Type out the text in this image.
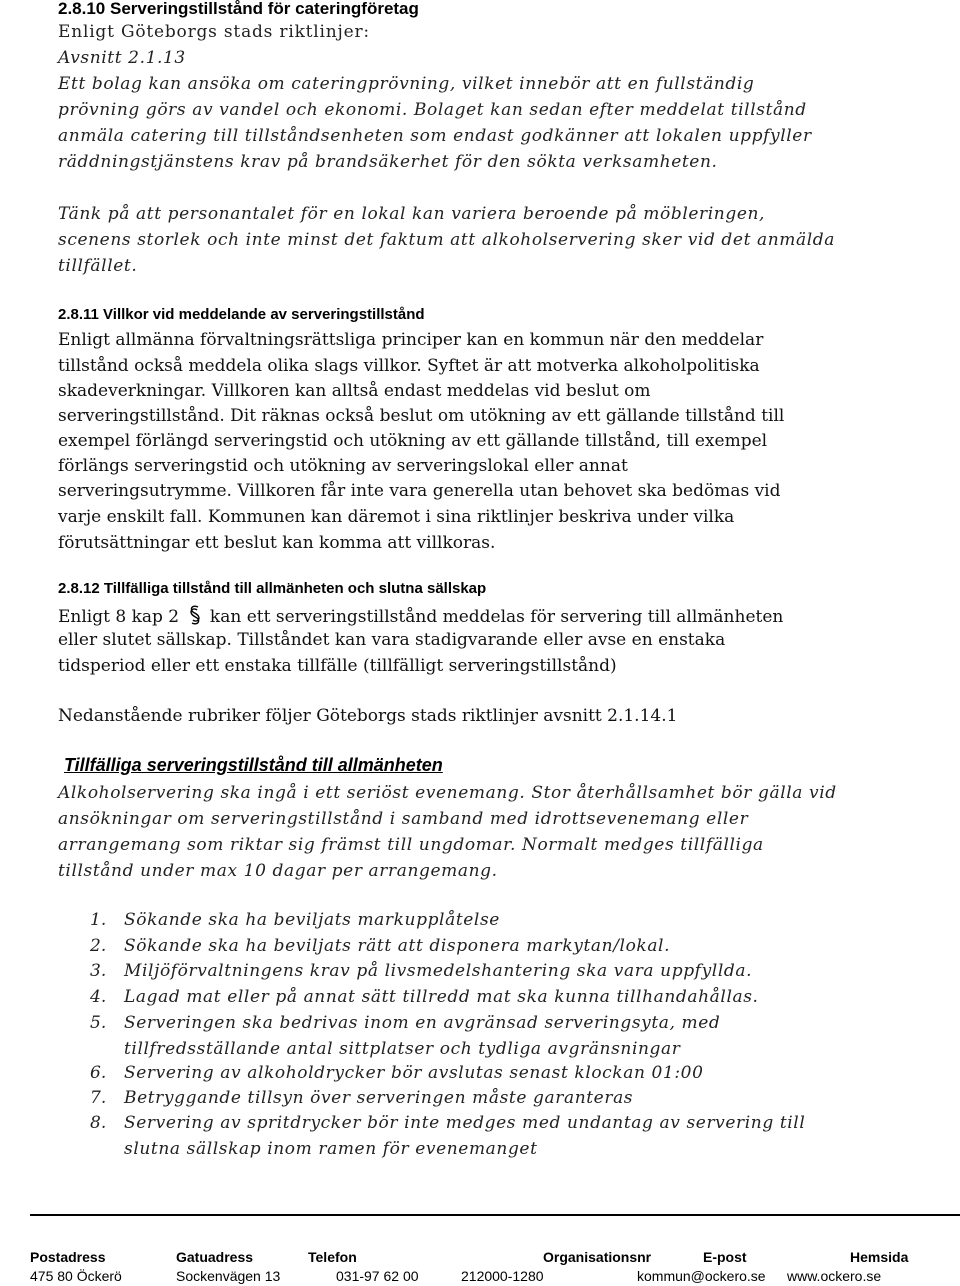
2.8.10 Serveringstillstånd för cateringföretag
Enligt Göteborgs stads riktlinjer:
Avsnitt 2.1.13
Ett bolag kan ansöka om cateringprövning, vilket innebör att en fullständig
prövning görs av vandel och ekonomi. Bolaget kan sedan efter meddelat tillstånd
anmäla catering till tillståndsenheten som endast godkänner att lokalen uppfyller
räddningstjänstens krav på brandsäkerhet för den sökta verksamheten.
Tänk på att personantalet för en lokal kan variera beroende på möbleringen,
scenens storlek och inte minst det faktum att alkoholservering sker vid det anmälda
tillfället.
2.8.11 Villkor vid meddelande av serveringstillstånd
Enligt allmänna förvaltningsrättsliga principer kan en kommun när den meddelar
tillstånd också meddela olika slags villkor. Syftet är att motverka alkoholpolitiska
skadeverkningar. Villkoren kan alltså endast meddelas vid beslut om
serveringstillstånd. Dit räknas också beslut om utökning av ett gällande tillstånd till
exempel förlängd serveringstid och utökning av ett gällande tillstånd, till exempel
förlängs serveringstid och utökning av serveringslokal eller annat
serveringsutrymme. Villkoren får inte vara generella utan behovet ska bedömas vid
varje enskilt fall. Kommunen kan däremot i sina riktlinjer beskriva under vilka
förutsättningar ett beslut kan komma att villkoras.
2.8.12 Tillfälliga tillstånd till allmänheten och slutna sällskap
Enligt 8 kap 2 kan ett serveringstillstånd meddelas för servering till allmänheten
eller slutet sällskap. Tillståndet kan vara stadigvarande eller avse en enstaka
tidsperiod eller ett enstaka tillfälle (tillfälligt serveringstillstånd)
Nedanstående rubriker följer Göteborgs stads riktlinjer avsnitt 2.1.14.1
Tillfälliga serveringstillstånd till allmänheten
Alkoholservering ska ingå i ett seriöst evenemang. Stor återhållsamhet bör gälla vid
ansökningar om serveringstillstånd i samband med idrottsevenemang eller
arrangemang som riktar sig främst till ungdomar. Normalt medges tillfälliga
tillstånd under max 10 dagar per arrangemang.
1. Sökande ska ha beviljats markupplåtelse
2. Sökande ska ha beviljats rätt att disponera markytan/lokal.
3. Miljöförvaltningens krav på livsmedelshantering ska vara uppfyllda.
4. Lagad mat eller på annat sätt tillredd mat ska kunna tillhandahållas.
5. Serveringen ska bedrivas inom en avgränsad serveringsyta, med
tillfredsställande antal sittplatser och tydliga avgränsningar
6. Servering av alkoholdrycker bör avslutas senast klockan 01:00
7. Betryggande tillsyn över serveringen måste garanteras
8. Servering av spritdrycker bör inte medges med undantag av servering till
slutna sällskap inom ramen för evenemanget
Postadress	Gatuadress	Telefon	Organisationsnr	E-post	Hemsida
475 80 Öckerö	Sockenvägen 13	031-97 62 00	212000-1280	kommun@ockero.se www.ockero.se
